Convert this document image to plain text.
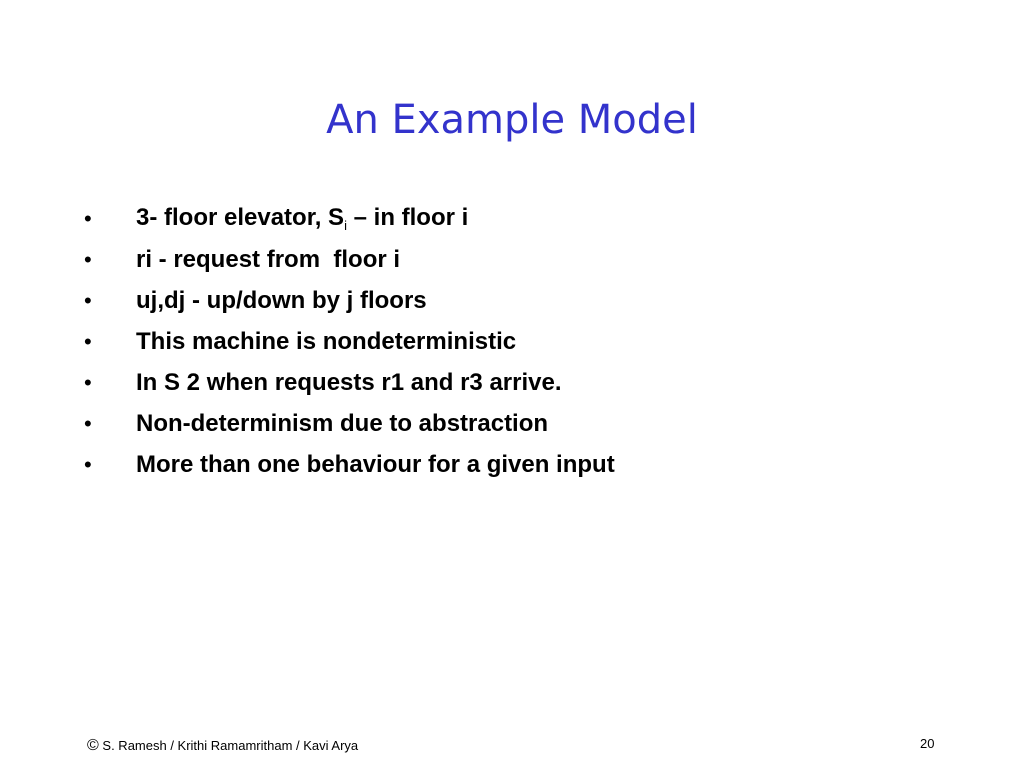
An Example Model
•	3- floor elevator, $S_i$ – in floor i
•	ri - request from  floor i
•	uj,dj - up/down by j floors
•	This machine is nondeterministic
•	In S 2 when requests r1 and r3 arrive.
•	Non-determinism due to abstraction
•	More than one behaviour for a given input
© S. Ramesh / Krithi Ramamritham / Kavi Arya	20
